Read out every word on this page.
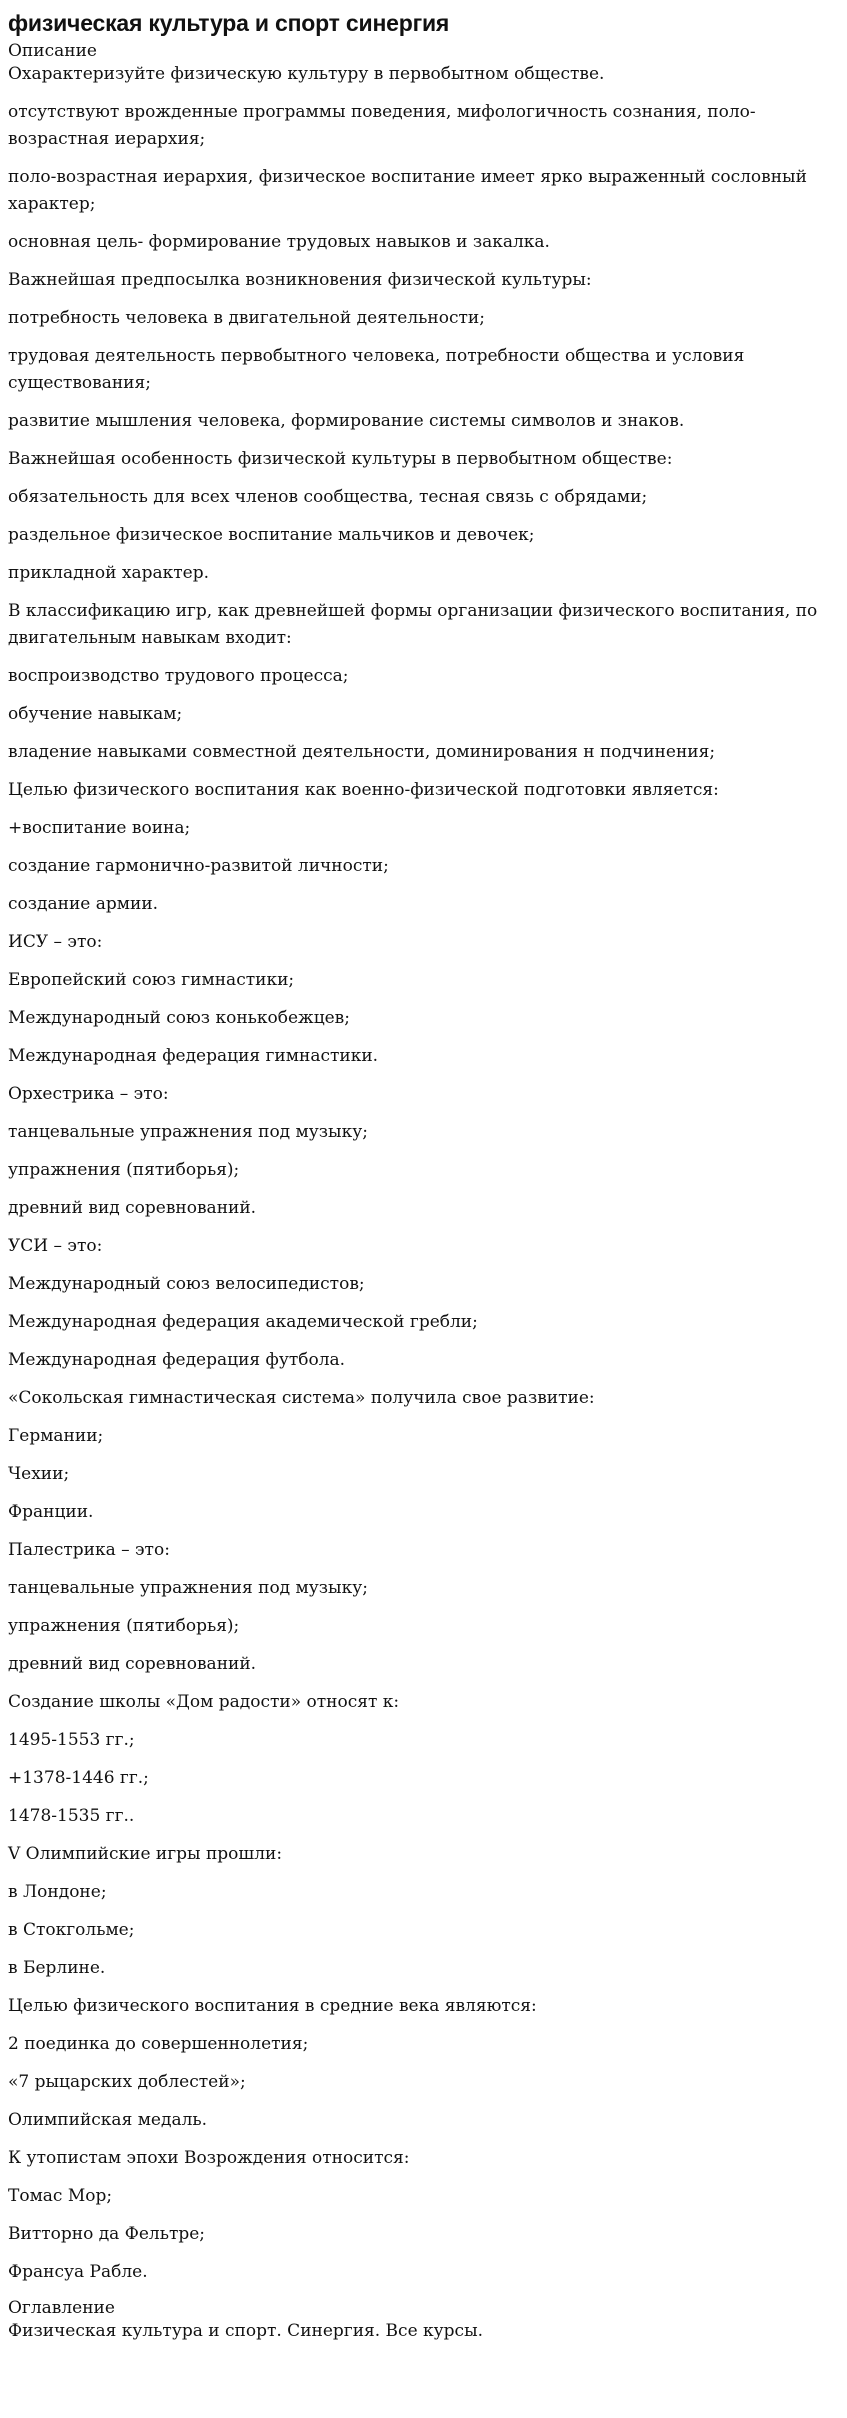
физическая культура и спорт синергия
Описание
Охарактеризуйте физическую культуру в первобытном обществе.
отсутствуют врожденные программы поведения, мифологичность сознания, поло-возрастная иерархия;
поло-возрастная иерархия, физическое воспитание имеет ярко выраженный сословный характер;
основная цель- формирование трудовых навыков и закалка.
Важнейшая предпосылка возникновения физической культуры:
потребность человека в двигательной деятельности;
трудовая деятельность первобытного человека, потребности общества и условия существования;
развитие мышления человека, формирование системы символов и знаков.
Важнейшая особенность физической культуры в первобытном обществе:
обязательность для всех членов сообщества, тесная связь с обрядами;
раздельное физическое воспитание мальчиков и девочек;
прикладной характер.
В классификацию игр, как древнейшей формы организации физического воспитания, по двигательным навыкам входит:
воспроизводство трудового процесса;
обучение навыкам;
владение навыками совместной деятельности, доминирования н подчинения;
Целью физического воспитания как военно-физической подготовки является:
+воспитание воина;
создание гармонично-развитой личности;
создание армии.
ИСУ – это:
Европейский союз гимнастики;
Международный союз конькобежцев;
Международная федерация гимнастики.
Орхестрика – это:
танцевальные упражнения под музыку;
упражнения (пятиборья);
древний вид соревнований.
УСИ – это:
Международный союз велосипедистов;
Международная федерация академической гребли;
Международная федерация футбола.
«Сокольская гимнастическая система» получила свое развитие:
Германии;
Чехии;
Франции.
Палестрика – это:
танцевальные упражнения под музыку;
упражнения (пятиборья);
древний вид соревнований.
Создание школы «Дом радости» относят к:
1495-1553 гг.;
+1378-1446 гг.;
1478-1535 гг..
V Олимпийские игры прошли:
в Лондоне;
в Стокгольме;
в Берлине.
Целью физического воспитания в средние века являются:
2 поединка до совершеннолетия;
«7 рыцарских доблестей»;
Олимпийская медаль.
К утопистам эпохи Возрождения относится:
Томас Мор;
Витторно да Фельтре;
Франсуа Рабле.
Оглавление
Физическая культура и спорт. Синергия. Все курсы.
